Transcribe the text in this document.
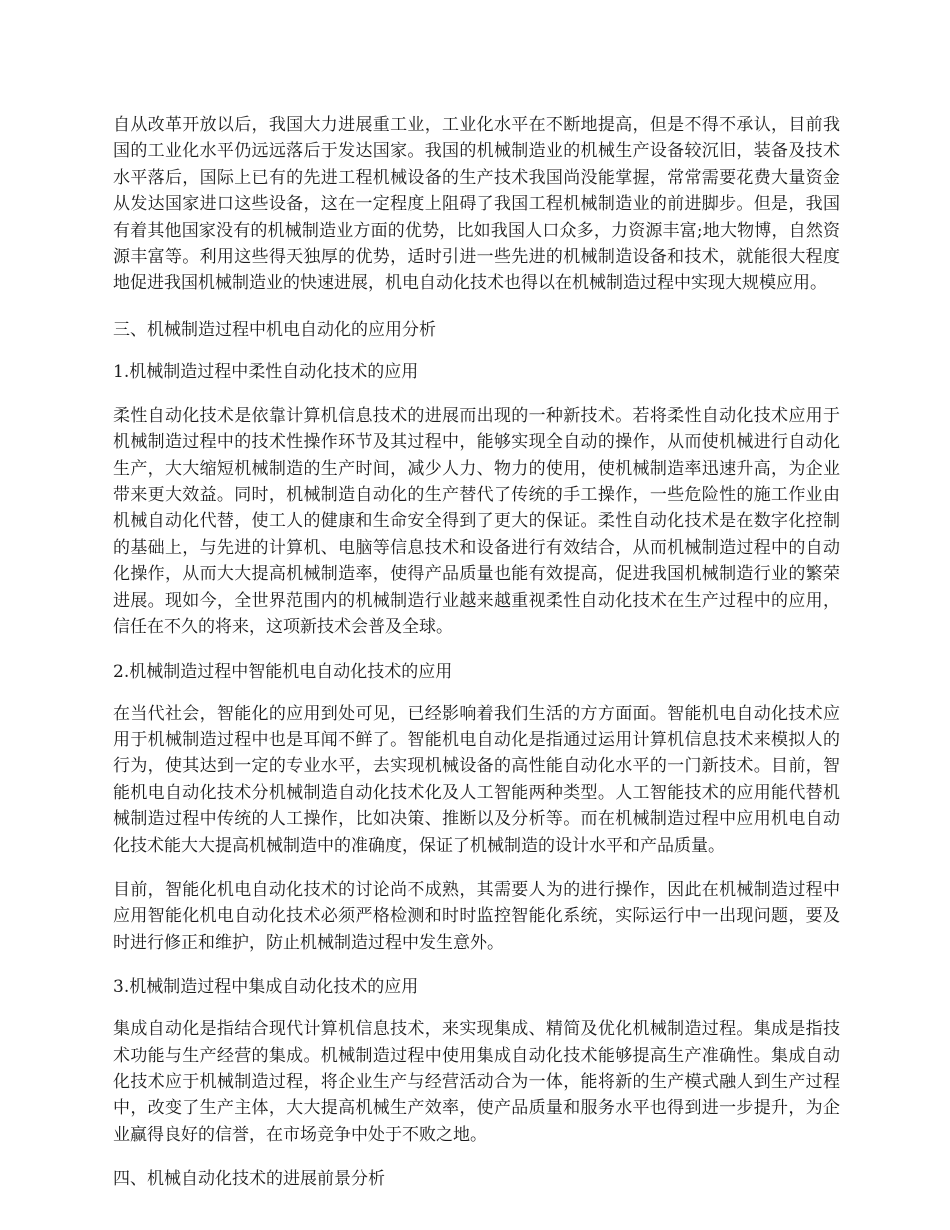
自从改革开放以后，我国大力进展重工业，工业化水平在不断地提高，但是不得不承认，目前我国的工业化水平仍远远落后于发达国家。我国的机械制造业的机械生产设备较沉旧，装备及技术水平落后，国际上已有的先进工程机械设备的生产技术我国尚没能掌握，常常需要花费大量资金从发达国家进口这些设备，这在一定程度上阻碍了我国工程机械制造业的前进脚步。但是，我国有着其他国家没有的机械制造业方面的优势，比如我国人口众多，力资源丰富;地大物博，自然资源丰富等。利用这些得天独厚的优势，适时引进一些先进的机械制造设备和技术，就能很大程度地促进我国机械制造业的快速进展，机电自动化技术也得以在机械制造过程中实现大规模应用。

三、机械制造过程中机电自动化的应用分析

1.机械制造过程中柔性自动化技术的应用

柔性自动化技术是依靠计算机信息技术的进展而出现的一种新技术。若将柔性自动化技术应用于机械制造过程中的技术性操作环节及其过程中，能够实现全自动的操作，从而使机械进行自动化生产，大大缩短机械制造的生产时间，减少人力、物力的使用，使机械制造率迅速升高，为企业带来更大效益。同时，机械制造自动化的生产替代了传统的手工操作，一些危险性的施工作业由机械自动化代替，使工人的健康和生命安全得到了更大的保证。柔性自动化技术是在数字化控制的基础上，与先进的计算机、电脑等信息技术和设备进行有效结合，从而机械制造过程中的自动化操作，从而大大提高机械制造率，使得产品质量也能有效提高，促进我国机械制造行业的繁荣进展。现如今，全世界范围内的机械制造行业越来越重视柔性自动化技术在生产过程中的应用，信任在不久的将来，这项新技术会普及全球。

2.机械制造过程中智能机电自动化技术的应用

在当代社会，智能化的应用到处可见，已经影响着我们生活的方方面面。智能机电自动化技术应用于机械制造过程中也是耳闻不鲜了。智能机电自动化是指通过运用计算机信息技术来模拟人的行为，使其达到一定的专业水平，去实现机械设备的高性能自动化水平的一门新技术。目前，智能机电自动化技术分机械制造自动化技术化及人工智能两种类型。人工智能技术的应用能代替机械制造过程中传统的人工操作，比如决策、推断以及分析等。而在机械制造过程中应用机电自动化技术能大大提高机械制造中的准确度，保证了机械制造的设计水平和产品质量。

目前，智能化机电自动化技术的讨论尚不成熟，其需要人为的进行操作，因此在机械制造过程中应用智能化机电自动化技术必须严格检测和时时监控智能化系统，实际运行中一出现问题，要及时进行修正和维护，防止机械制造过程中发生意外。

3.机械制造过程中集成自动化技术的应用

集成自动化是指结合现代计算机信息技术，来实现集成、精简及优化机械制造过程。集成是指技术功能与生产经营的集成。机械制造过程中使用集成自动化技术能够提高生产准确性。集成自动化技术应于机械制造过程，将企业生产与经营活动合为一体，能将新的生产模式融人到生产过程中，改变了生产主体，大大提高机械生产效率，使产品质量和服务水平也得到进一步提升，为企业赢得良好的信誉，在市场竞争中处于不败之地。

四、机械自动化技术的进展前景分析
